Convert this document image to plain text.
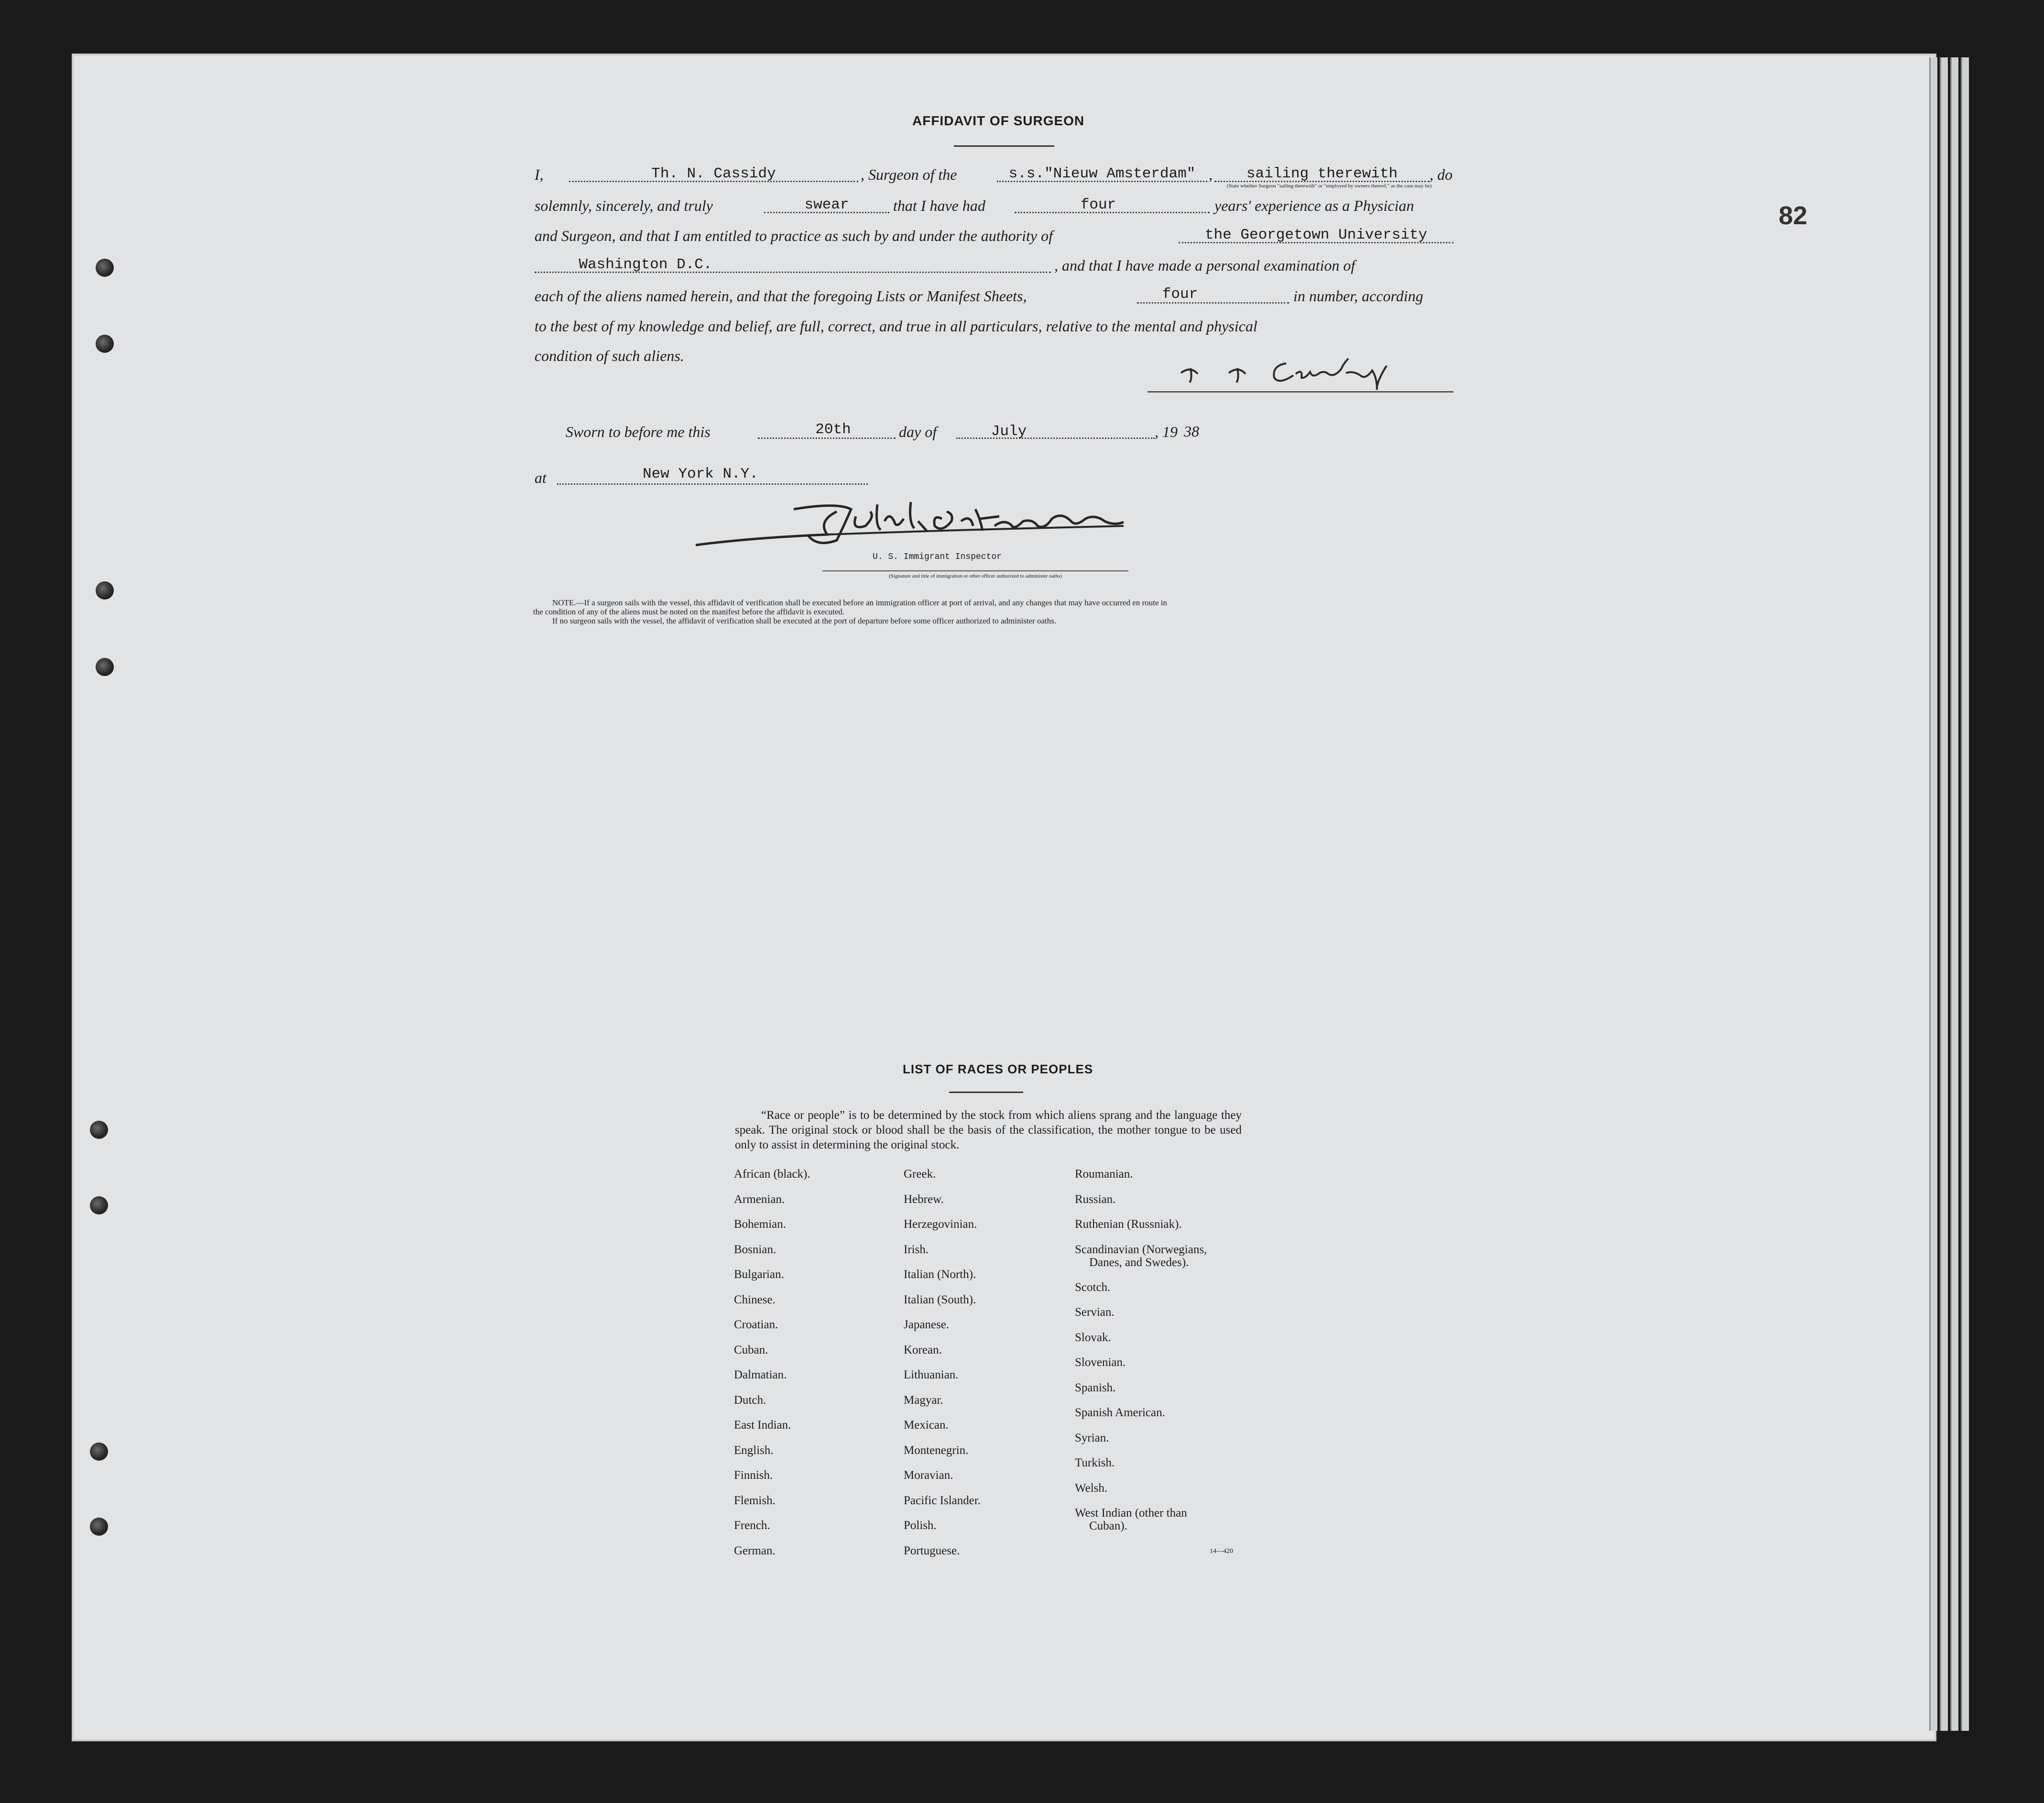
82
AFFIDAVIT OF SURGEON
I,	Th. N. Cassidy	, Surgeon of the	s.s."Nieuw Amsterdam" ,	sailing therewith	, do
(State whether Surgeon "sailing therewith" or "employed by owners thereof," as the case may be)
solemnly, sincerely, and truly	swear	that I have had	four	years' experience as a Physician
and Surgeon, and that I am entitled to practice as such by and under the authority of	the Georgetown University
Washington D.C.	, and that I have made a personal examination of
each of the aliens named herein, and that the foregoing Lists or Manifest Sheets,	four	in number, according
to the best of my knowledge and belief, are full, correct, and true in all particulars, relative to the mental and physical
condition of such aliens.
Sworn to before me this	20th	day of	July	, 19 38
at	New York N.Y.
U. S. Immigrant Inspector
(Signature and title of immigration or other officer authorized to administer oaths)
NOTE.—If a surgeon sails with the vessel, this affidavit of verification shall be executed before an immigration officer at port of arrival, and any changes that may have occurred en route in
the condition of any of the aliens must be noted on the manifest before the affidavit is executed.
If no surgeon sails with the vessel, the affidavit of verification shall be executed at the port of departure before some officer authorized to administer oaths.
LIST OF RACES OR PEOPLES
“Race or people” is to be determined by the stock from which aliens sprang and the language they speak. The original stock or blood shall be the basis of the classification, the mother tongue to be used only to assist in determining the original stock.
African (black).
Armenian.
Bohemian.
Bosnian.
Bulgarian.
Chinese.
Croatian.
Cuban.
Dalmatian.
Dutch.
East Indian.
English.
Finnish.
Flemish.
French.
German.
Greek.
Hebrew.
Herzegovinian.
Irish.
Italian (North).
Italian (South).
Japanese.
Korean.
Lithuanian.
Magyar.
Mexican.
Montenegrin.
Moravian.
Pacific Islander.
Polish.
Portuguese.
Roumanian.
Russian.
Ruthenian (Russniak).
Scandinavian (Norwegians,
Danes, and Swedes).
Scotch.
Servian.
Slovak.
Slovenian.
Spanish.
Spanish American.
Syrian.
Turkish.
Welsh.
West Indian (other than
Cuban).
14—420
